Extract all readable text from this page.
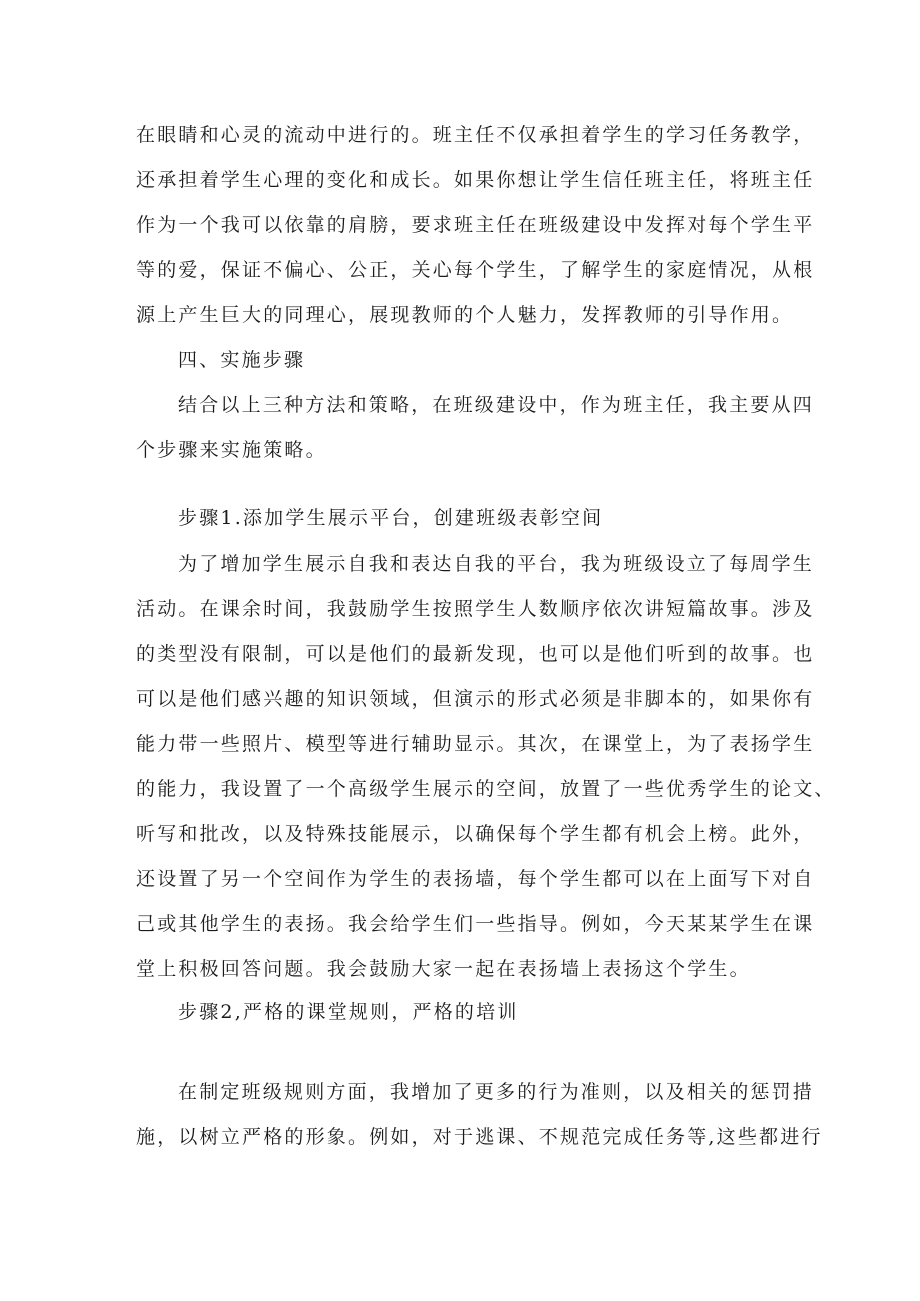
在眼睛和心灵的流动中进行的。班主任不仅承担着学生的学习任务教学，
还承担着学生心理的变化和成长。如果你想让学生信任班主任，将班主任
作为一个我可以依靠的肩膀，要求班主任在班级建设中发挥对每个学生平
等的爱，保证不偏心、公正，关心每个学生，了解学生的家庭情况，从根
源上产生巨大的同理心，展现教师的个人魅力，发挥教师的引导作用。
四、实施步骤
结合以上三种方法和策略，在班级建设中，作为班主任，我主要从四
个步骤来实施策略。
步骤1.添加学生展示平台，创建班级表彰空间
为了增加学生展示自我和表达自我的平台，我为班级设立了每周学生
活动。在课余时间，我鼓励学生按照学生人数顺序依次讲短篇故事。涉及
的类型没有限制，可以是他们的最新发现，也可以是他们听到的故事。也
可以是他们感兴趣的知识领域，但演示的形式必须是非脚本的，如果你有
能力带一些照片、模型等进行辅助显示。其次，在课堂上，为了表扬学生
的能力，我设置了一个高级学生展示的空间，放置了一些优秀学生的论文、
听写和批改，以及特殊技能展示，以确保每个学生都有机会上榜。此外，
还设置了另一个空间作为学生的表扬墙，每个学生都可以在上面写下对自
己或其他学生的表扬。我会给学生们一些指导。例如，今天某某学生在课
堂上积极回答问题。我会鼓励大家一起在表扬墙上表扬这个学生。
步骤2,严格的课堂规则，严格的培训
在制定班级规则方面，我增加了更多的行为准则，以及相关的惩罚措
施，以树立严格的形象。例如，对于逃课、不规范完成任务等,这些都进行
